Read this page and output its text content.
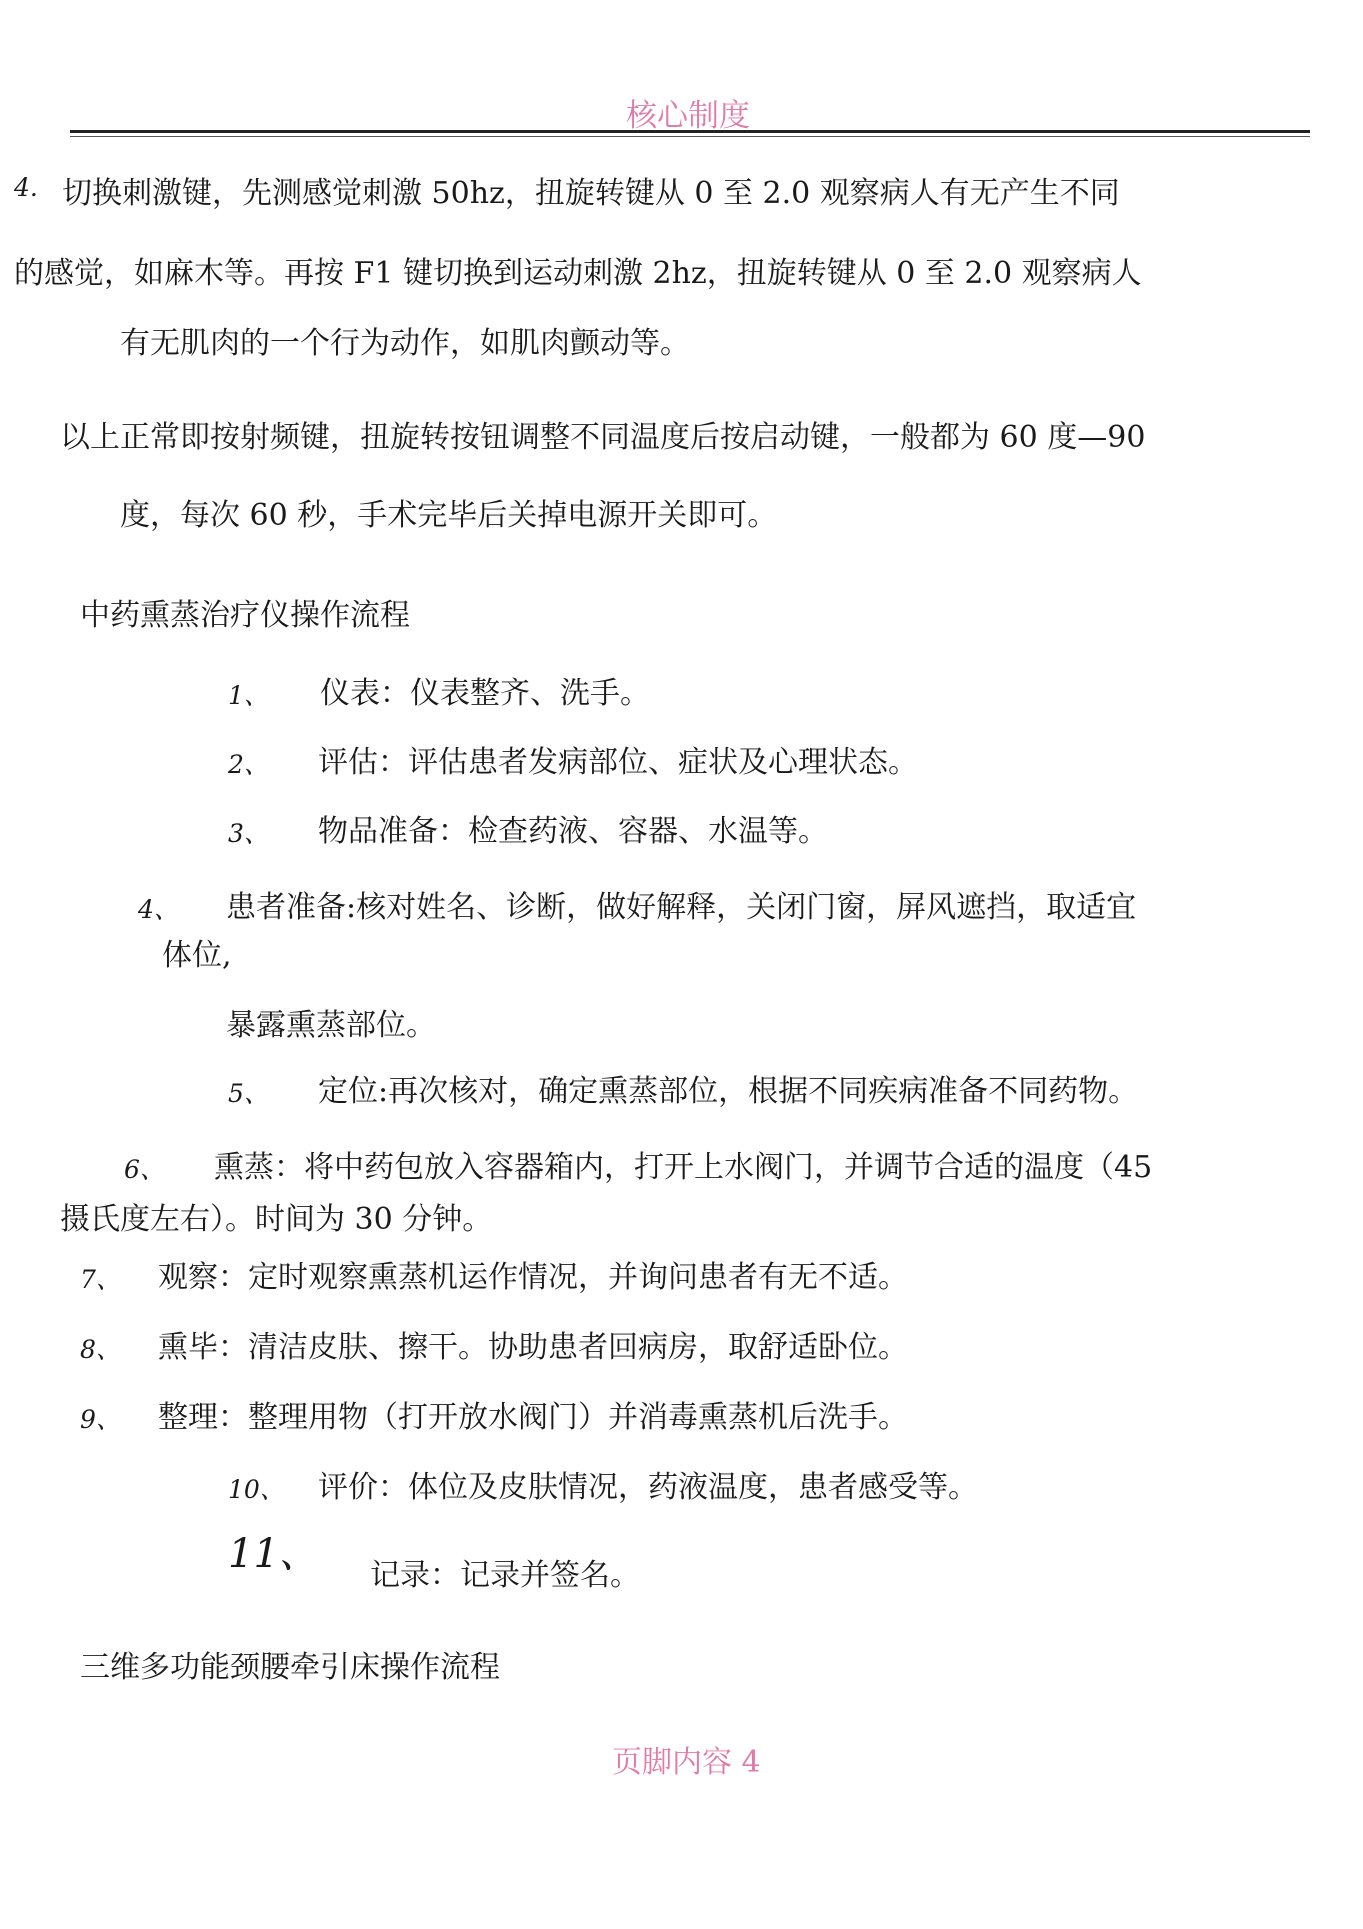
核心制度
4. 切换刺激键，先测感觉刺激 50hz，扭旋转键从 0 至 2.0 观察病人有无产生不同
的感觉，如麻木等。再按 F1 键切换到运动刺激 2hz，扭旋转键从 0 至 2.0 观察病人
有无肌肉的一个行为动作，如肌肉颤动等。
以上正常即按射频键，扭旋转按钮调整不同温度后按启动键，一般都为 60 度—90
度，每次 60 秒，手术完毕后关掉电源开关即可。
中药熏蒸治疗仪操作流程
1、 仪表：仪表整齐、洗手。
2、 评估：评估患者发病部位、症状及心理状态。
3、 物品准备：检查药液、容器、水温等。
4、 患者准备:核对姓名、诊断，做好解释，关闭门窗，屏风遮挡，取适宜
体位,
暴露熏蒸部位。
5、 定位:再次核对，确定熏蒸部位，根据不同疾病准备不同药物。
6、 熏蒸：将中药包放入容器箱内，打开上水阀门，并调节合适的温度（45
摄氏度左右）。时间为 30 分钟。
7、 观察：定时观察熏蒸机运作情况，并询问患者有无不适。
8、 熏毕：清洁皮肤、擦干。协助患者回病房，取舒适卧位。
9、 整理：整理用物（打开放水阀门）并消毒熏蒸机后洗手。
10、 评价：体位及皮肤情况，药液温度，患者感受等。
11、 记录：记录并签名。
三维多功能颈腰牵引床操作流程
页脚内容 4
